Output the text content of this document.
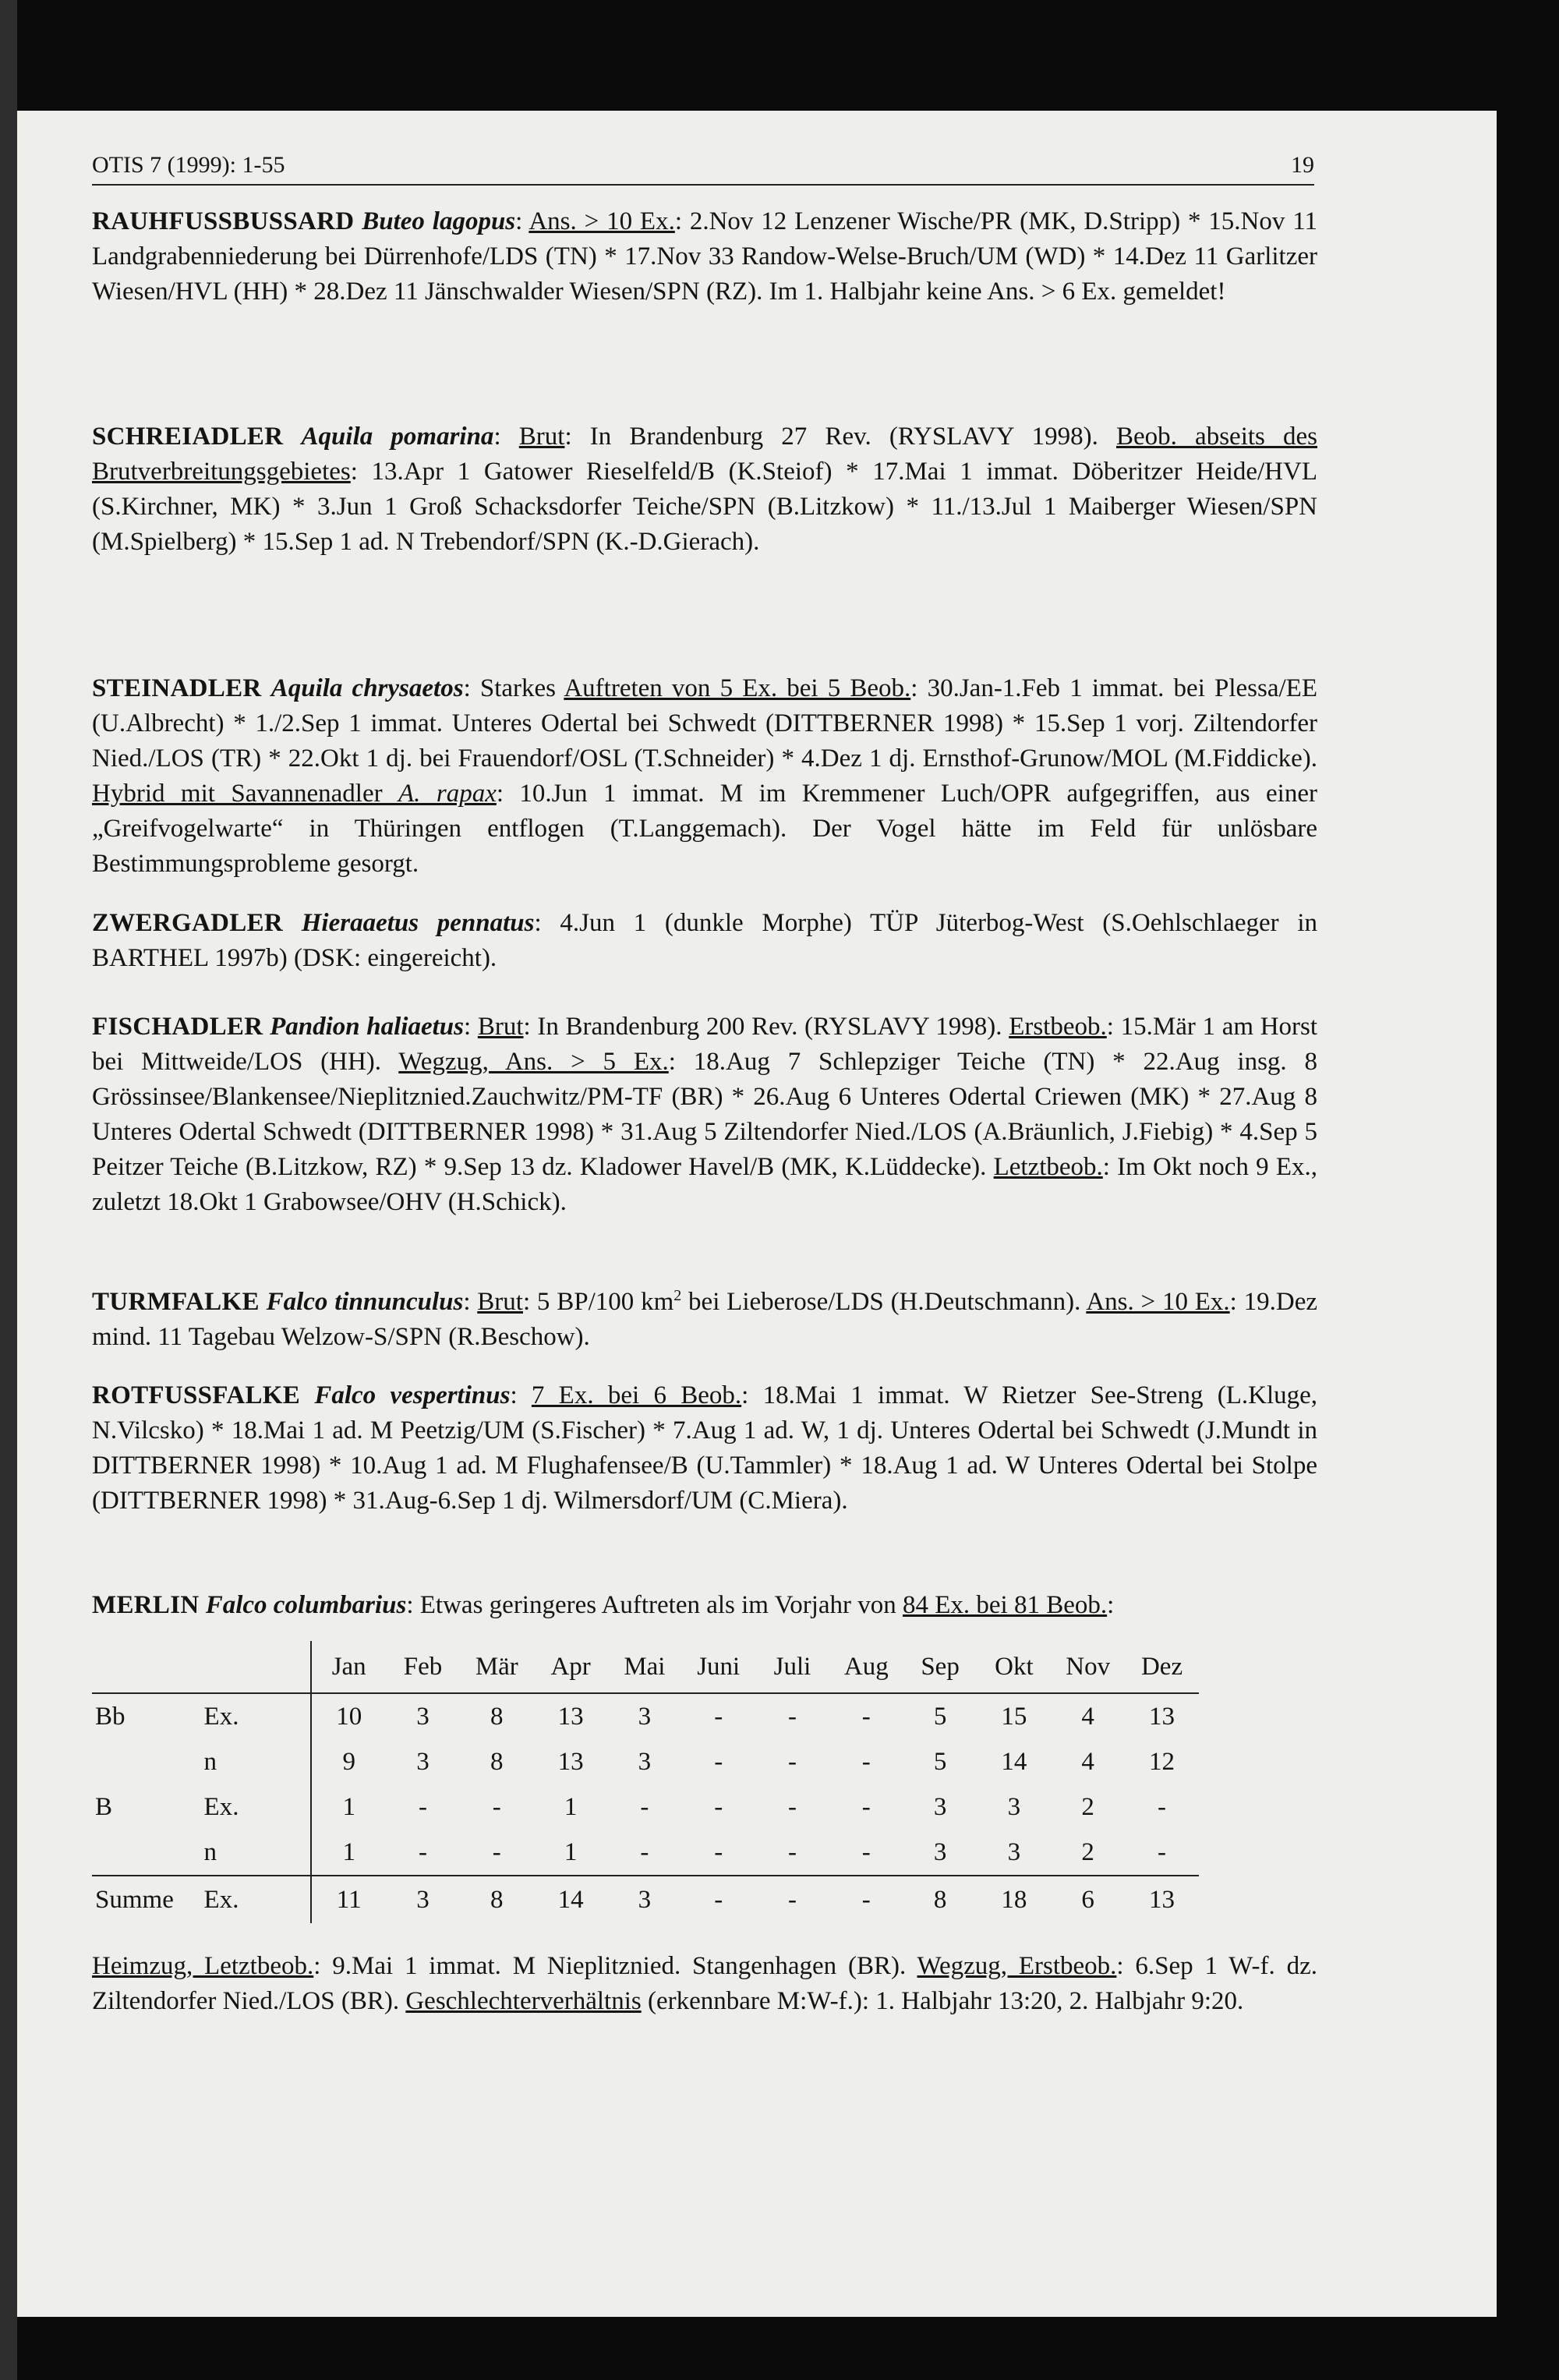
OTIS 7 (1999): 1-55	19
RAUHFUSSBUSSARD Buteo lagopus: Ans. > 10 Ex.: 2.Nov 12 Lenzener Wische/PR (MK, D.Stripp) * 15.Nov 11 Landgrabenniederung bei Dürrenhofe/LDS (TN) * 17.Nov 33 Randow-Welse-Bruch/UM (WD) * 14.Dez 11 Garlitzer Wiesen/HVL (HH) * 28.Dez 11 Jänschwalder Wiesen/SPN (RZ). Im 1. Halbjahr keine Ans. > 6 Ex. gemeldet!
SCHREIADLER Aquila pomarina: Brut: In Brandenburg 27 Rev. (RYSLAVY 1998). Beob. abseits des Brutverbreitungsgebietes: 13.Apr 1 Gatower Rieselfeld/B (K.Steiof) * 17.Mai 1 immat. Döberitzer Heide/HVL (S.Kirchner, MK) * 3.Jun 1 Groß Schacksdorfer Teiche/SPN (B.Litzkow) * 11./13.Jul 1 Maiberger Wiesen/SPN (M.Spielberg) * 15.Sep 1 ad. N Trebendorf/SPN (K.-D.Gierach).
STEINADLER Aquila chrysaetos: Starkes Auftreten von 5 Ex. bei 5 Beob.: 30.Jan-1.Feb 1 immat. bei Plessa/EE (U.Albrecht) * 1./2.Sep 1 immat. Unteres Odertal bei Schwedt (DITTBERNER 1998) * 15.Sep 1 vorj. Ziltendorfer Nied./LOS (TR) * 22.Okt 1 dj. bei Frauendorf/OSL (T.Schneider) * 4.Dez 1 dj. Ernsthof-Grunow/MOL (M.Fiddicke). Hybrid mit Savannenadler A. rapax: 10.Jun 1 immat. M im Kremmener Luch/OPR aufgegriffen, aus einer „Greifvogelwarte“ in Thüringen entflogen (T.Langgemach). Der Vogel hätte im Feld für unlösbare Bestimmungsprobleme gesorgt.
ZWERGADLER Hieraaetus pennatus: 4.Jun 1 (dunkle Morphe) TÜP Jüterbog-West (S.Oehlschlaeger in BARTHEL 1997b) (DSK: eingereicht).
FISCHADLER Pandion haliaetus: Brut: In Brandenburg 200 Rev. (RYSLAVY 1998). Erstbeob.: 15.Mär 1 am Horst bei Mittweide/LOS (HH). Wegzug, Ans. > 5 Ex.: 18.Aug 7 Schlepziger Teiche (TN) * 22.Aug insg. 8 Grössinsee/Blankensee/Nieplitznied.Zauchwitz/PM-TF (BR) * 26.Aug 6 Unteres Odertal Criewen (MK) * 27.Aug 8 Unteres Odertal Schwedt (DITTBERNER 1998) * 31.Aug 5 Ziltendorfer Nied./LOS (A.Bräunlich, J.Fiebig) * 4.Sep 5 Peitzer Teiche (B.Litzkow, RZ) * 9.Sep 13 dz. Kladower Havel/B (MK, K.Lüddecke). Letztbeob.: Im Okt noch 9 Ex., zuletzt 18.Okt 1 Grabowsee/OHV (H.Schick).
TURMFALKE Falco tinnunculus: Brut: 5 BP/100 $km^2$ bei Lieberose/LDS (H.Deutschmann). Ans. > 10 Ex.: 19.Dez mind. 11 Tagebau Welzow-S/SPN (R.Beschow).
ROTFUSSFALKE Falco vespertinus: 7 Ex. bei 6 Beob.: 18.Mai 1 immat. W Rietzer See-Streng (L.Kluge, N.Vilcsko) * 18.Mai 1 ad. M Peetzig/UM (S.Fischer) * 7.Aug 1 ad. W, 1 dj. Unteres Odertal bei Schwedt (J.Mundt in DITTBERNER 1998) * 10.Aug 1 ad. M Flughafensee/B (U.Tammler) * 18.Aug 1 ad. W Unteres Odertal bei Stolpe (DITTBERNER 1998) * 31.Aug-6.Sep 1 dj. Wilmersdorf/UM (C.Miera).
MERLIN Falco columbarius: Etwas geringeres Auftreten als im Vorjahr von 84 Ex. bei 81 Beob.:
		Jan	Feb	Mär	Apr	Mai	Juni	Juli	Aug	Sep	Okt	Nov	Dez
Bb	Ex.	10	3	8	13	3	-	-	-	5	15	4	13
	n	9	3	8	13	3	-	-	-	5	14	4	12
B	Ex.	1	-	-	1	-	-	-	-	3	3	2	-
	n	1	-	-	1	-	-	-	-	3	3	2	-
Summe	Ex.	11	3	8	14	3	-	-	-	8	18	6	13
Heimzug, Letztbeob.: 9.Mai 1 immat. M Nieplitznied. Stangenhagen (BR). Wegzug, Erstbeob.: 6.Sep 1 W-f. dz. Ziltendorfer Nied./LOS (BR). Geschlechterverhältnis (erkennbare M:W-f.): 1. Halbjahr 13:20, 2. Halbjahr 9:20.
